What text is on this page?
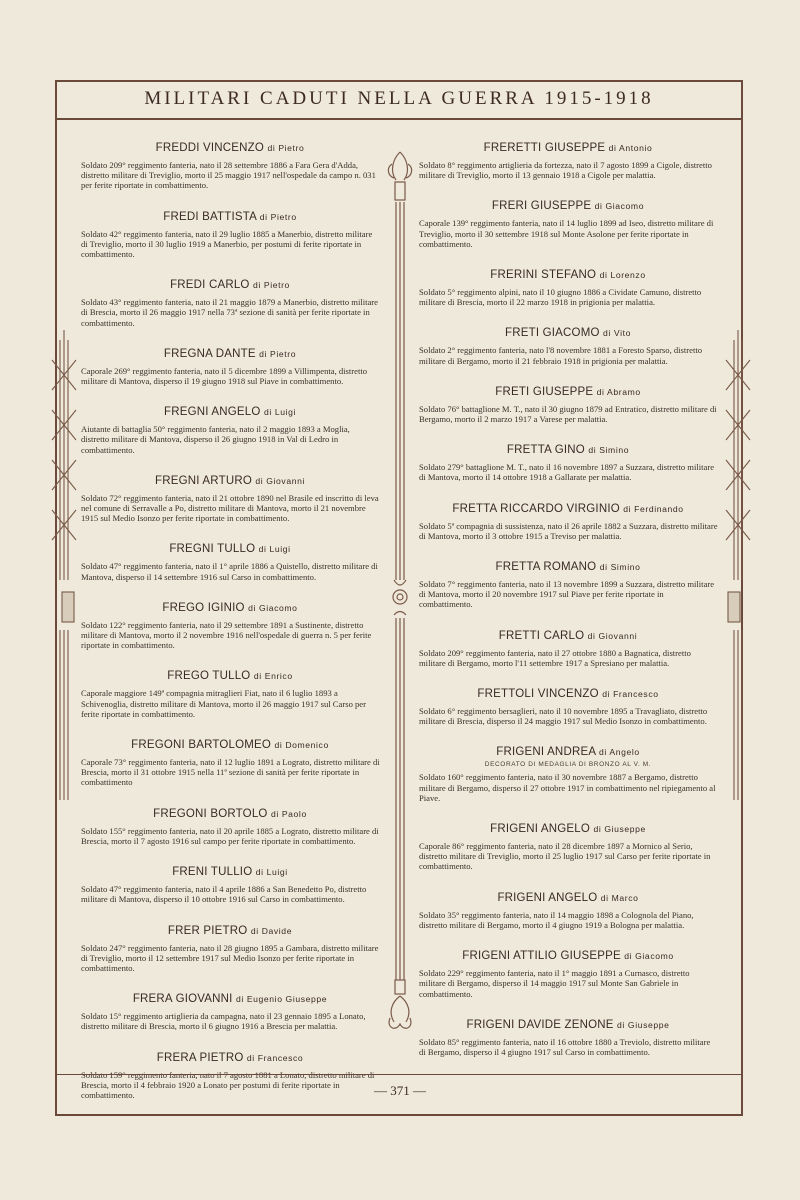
MILITARI CADUTI NELLA GUERRA 1915-1918
FREDDI VINCENZO di Pietro
Soldato 209° reggimento fanteria, nato il 28 settembre 1886 a Fara Gera d'Adda, distretto militare di Treviglio, morto il 25 maggio 1917 nell'ospedale da campo n. 031 per ferite riportate in combattimento.
FREDI BATTISTA di Pietro
Soldato 42° reggimento fanteria, nato il 29 luglio 1885 a Manerbio, distretto militare di Treviglio, morto il 30 luglio 1919 a Manerbio, per postumi di ferite riportate in combattimento.
FREDI CARLO di Pietro
Soldato 43° reggimento fanteria, nato il 21 maggio 1879 a Manerbio, distretto militare di Brescia, morto il 26 maggio 1917 nella 73ª sezione di sanità per ferite riportate in combattimento.
FREGNA DANTE di Pietro
Caporale 269° reggimento fanteria, nato il 5 dicembre 1899 a Villimpenta, distretto militare di Mantova, disperso il 19 giugno 1918 sul Piave in combattimento.
FREGNI ANGELO di Luigi
Aiutante di battaglia 50° reggimento fanteria, nato il 2 maggio 1893 a Moglia, distretto militare di Mantova, disperso il 26 giugno 1918 in Val di Ledro in combattimento.
FREGNI ARTURO di Giovanni
Soldato 72° reggimento fanteria, nato il 21 ottobre 1890 nel Brasile ed inscritto di leva nel comune di Serravalle a Po, distretto militare di Mantova, morto il 21 novembre 1915 sul Medio Isonzo per ferite riportate in combattimento.
FREGNI TULLO di Luigi
Soldato 47° reggimento fanteria, nato il 1° aprile 1886 a Quistello, distretto militare di Mantova, disperso il 14 settembre 1916 sul Carso in combattimento.
FREGO IGINIO di Giacomo
Soldato 122° reggimento fanteria, nato il 29 settembre 1891 a Sustinente, distretto militare di Mantova, morto il 2 novembre 1916 nell'ospedale di guerra n. 5 per ferite riportate in combattimento.
FREGO TULLO di Enrico
Caporale maggiore 149ª compagnia mitraglieri Fiat, nato il 6 luglio 1893 a Schivenoglia, distretto militare di Mantova, morto il 26 maggio 1917 sul Carso per ferite riportate in combattimento.
FREGONI BARTOLOMEO di Domenico
Caporale 73° reggimento fanteria, nato il 12 luglio 1891 a Lograto, distretto militare di Brescia, morto il 31 ottobre 1915 nella 11ª sezione di sanità per ferite riportate in combattimento
FREGONI BORTOLO di Paolo
Soldato 155° reggimento fanteria, nato il 20 aprile 1885 a Lograto, distretto militare di Brescia, morto il 7 agosto 1916 sul campo per ferite riportate in combattimento.
FRENI TULLIO di Luigi
Soldato 47° reggimento fanteria, nato il 4 aprile 1886 a San Benedetto Po, distretto militare di Mantova, disperso il 10 ottobre 1916 sul Carso in combattimento.
FRER PIETRO di Davide
Soldato 247° reggimento fanteria, nato il 28 giugno 1895 a Gambara, distretto militare di Treviglio, morto il 12 settembre 1917 sul Medio Isonzo per ferite riportate in combattimento.
FRERA GIOVANNI di Eugenio Giuseppe
Soldato 15° reggimento artiglieria da campagna, nato il 23 gennaio 1895 a Lonato, distretto militare di Brescia, morto il 6 giugno 1916 a Brescia per malattia.
FRERA PIETRO di Francesco
Brescia, morto il 4 febbraio 1920 a Lonato per postumi di ferite riportate in combattimento.
FRERETTI GIUSEPPE di Antonio
Soldato 8° reggimento artiglieria da fortezza, nato il 7 agosto 1899 a Cigole, distretto militare di Treviglio, morto il 13 gennaio 1918 a Cigole per malattia.
FRERI GIUSEPPE di Giacomo
Caporale 139° reggimento fanteria, nato il 14 luglio 1899 ad Iseo, distretto militare di Treviglio, morto il 30 settembre 1918 sul Monte Asolone per ferite riportate in combattimento.
FRERINI STEFANO di Lorenzo
Soldato 5° reggimento alpini, nato il 10 giugno 1886 a Cividate Camuno, distretto militare di Brescia, morto il 22 marzo 1918 in prigionia per malattia.
FRETI GIACOMO di Vito
Soldato 2° reggimento fanteria, nato l'8 novembre 1881 a Foresto Sparso, distretto militare di Bergamo, morto il 21 febbraio 1918 in prigionia per malattia.
FRETI GIUSEPPE di Abramo
Soldato 76° battaglione M. T., nato il 30 giugno 1879 ad Entratico, distretto militare di Bergamo, morto il 2 marzo 1917 a Varese per malattia.
FRETTA GINO di Simino
Soldato 279° battaglione M. T., nato il 16 novembre 1897 a Suzzara, distretto militare di Mantova, morto il 14 ottobre 1918 a Gallarate per malattia.
FRETTA RICCARDO VIRGINIO di Ferdinando
Soldato 5ª compagnia di sussistenza, nato il 26 aprile 1882 a Suzzara, distretto militare di Mantova, morto il 3 ottobre 1915 a Treviso per malattia.
FRETTA ROMANO di Simino
Soldato 7° reggimento fanteria, nato il 13 novembre 1899 a Suzzara, distretto militare di Mantova, morto il 20 novembre 1917 sul Piave per ferite riportate in combattimento.
FRETTI CARLO di Giovanni
Soldato 209° reggimento fanteria, nato il 27 ottobre 1880 a Bagnatica, distretto militare di Bergamo, morto l'11 settembre 1917 a Spresiano per malattia.
FRETTOLI VINCENZO di Francesco
Soldato 6° reggimento bersaglieri, nato il 10 novembre 1895 a Travagliato, distretto militare di Brescia, disperso il 24 maggio 1917 sul Medio Isonzo in combattimento.
FRIGENI ANDREA di Angelo
DECORATO DI MEDAGLIA DI BRONZO AL V. M.
Soldato 160° reggimento fanteria, nato il 30 novembre 1887 a Bergamo, distretto militare di Bergamo, disperso il 27 ottobre 1917 in combattimento nel ripiegamento al Piave.
FRIGENI ANGELO di Giuseppe
Caporale 86° reggimento fanteria, nato il 28 dicembre 1897 a Mornico al Serio, distretto militare di Treviglio, morto il 25 luglio 1917 sul Carso per ferite riportate in combattimento.
FRIGENI ANGELO di Marco
Soldato 35° reggimento fanteria, nato il 14 maggio 1898 a Colognola del Piano, distretto militare di Bergamo, morto il 4 giugno 1919 a Bologna per malattia.
FRIGENI ATTILIO GIUSEPPE di Giacomo
Soldato 229° reggimento fanteria, nato il 1° maggio 1891 a Curnasco, distretto militare di Bergamo, disperso il 14 maggio 1917 sul Monte San Gabriele in combattimento.
FRIGENI DAVIDE ZENONE di Giuseppe
Soldato 85° reggimento fanteria, nato il 16 ottobre 1880 a Treviolo, distretto militare di Bergamo, disperso il 4 giugno 1917 sul Carso in combattimento.
— 371 —
